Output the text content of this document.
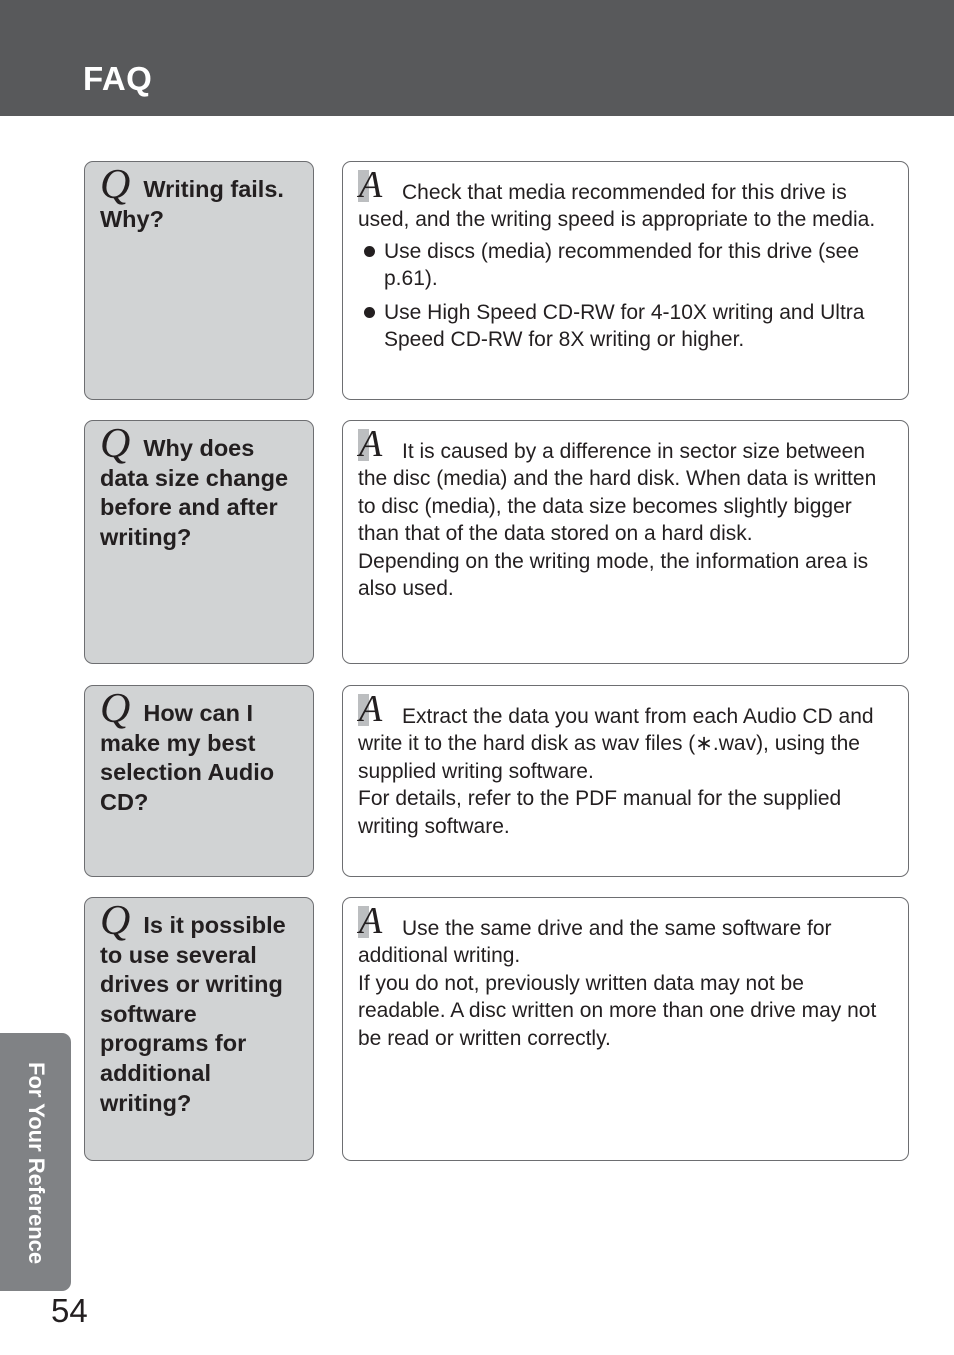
FAQ
Q Writing fails. Why?
A Check that media recommended for this drive is used, and the writing speed is appropriate to the media.
Use discs (media) recommended for this drive (see p.61).
Use High Speed CD-RW for 4-10X writing and Ultra Speed CD-RW for 8X writing or higher.
Q Why does data size change before and after writing?
A It is caused by a difference in sector size between the disc (media) and the hard disk. When data is written to disc (media), the data size becomes slightly bigger than that of the data stored on a hard disk.
Depending on the writing mode, the information area is also used.
Q How can I make my best selection Audio CD?
A Extract the data you want from each Audio CD and write it to the hard disk as wav files (∗.wav), using the supplied writing software.
For details, refer to the PDF manual for the supplied writing software.
Q Is it possible to use several drives or writing software programs for additional writing?
A Use the same drive and the same software for additional writing.
If you do not, previously written data may not be readable. A disc written on more than one drive may not be read or written correctly.
For Your Reference
54
